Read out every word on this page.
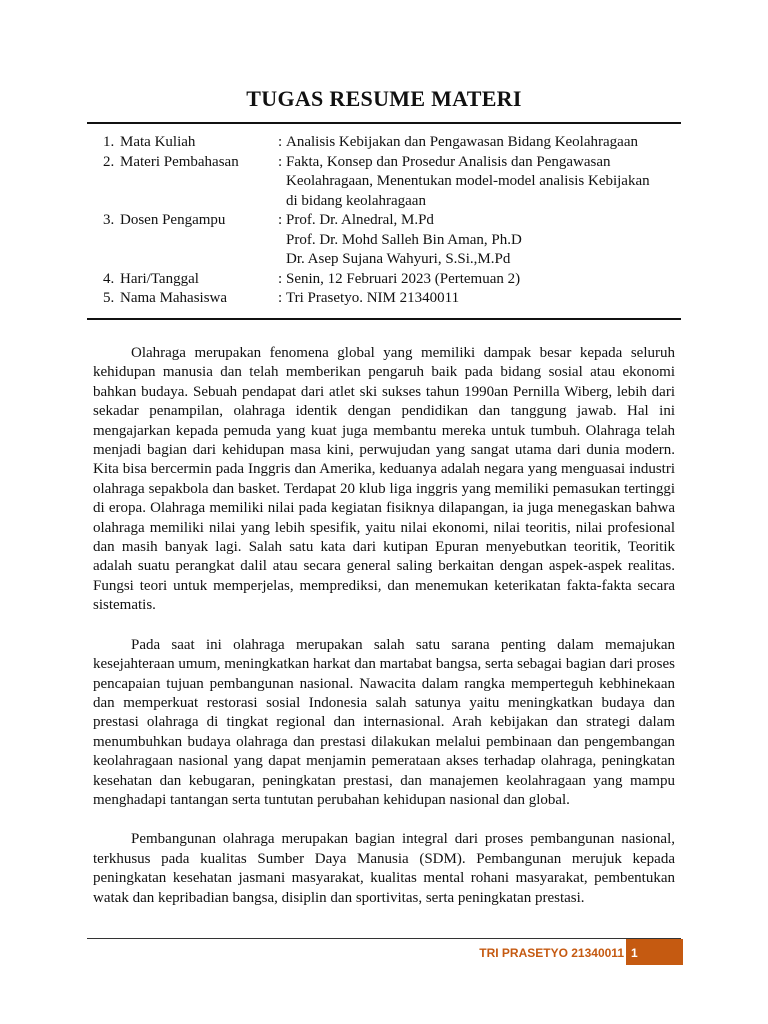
TUGAS RESUME MATERI
1. Mata Kuliah	: Analisis Kebijakan dan Pengawasan Bidang Keolahragaan
2. Materi Pembahasan	: Fakta, Konsep dan Prosedur Analisis dan Pengawasan
Keolahragaan, Menentukan model-model analisis Kebijakan
di bidang keolahragaan
3. Dosen Pengampu	: Prof. Dr. Alnedral, M.Pd
Prof. Dr. Mohd Salleh Bin Aman, Ph.D
Dr. Asep Sujana Wahyuri, S.Si.,M.Pd
4. Hari/Tanggal	: Senin, 12 Februari 2023 (Pertemuan 2)
5. Nama Mahasiswa	: Tri Prasetyo. NIM 21340011

Olahraga merupakan fenomena global yang memiliki dampak besar kepada seluruh kehidupan manusia dan telah memberikan pengaruh baik pada bidang sosial atau ekonomi bahkan budaya. Sebuah pendapat dari atlet ski sukses tahun 1990an Pernilla Wiberg, lebih dari sekadar penampilan, olahraga identik dengan pendidikan dan tanggung jawab. Hal ini mengajarkan kepada pemuda yang kuat juga membantu mereka untuk tumbuh. Olahraga telah menjadi bagian dari kehidupan masa kini, perwujudan yang sangat utama dari dunia modern. Kita bisa bercermin pada Inggris dan Amerika, keduanya adalah negara yang menguasai industri olahraga sepakbola dan basket. Terdapat 20 klub liga inggris yang memiliki pemasukan tertinggi di eropa. Olahraga memiliki nilai pada kegiatan fisiknya dilapangan, ia juga menegaskan bahwa olahraga memiliki nilai yang lebih spesifik, yaitu nilai ekonomi, nilai teoritis, nilai profesional dan masih banyak lagi. Salah satu kata dari kutipan Epuran menyebutkan teoritik, Teoritik adalah suatu perangkat dalil atau secara general saling berkaitan dengan aspek-aspek realitas. Fungsi teori untuk memperjelas, memprediksi, dan menemukan keterikatan fakta-fakta secara sistematis.

Pada saat ini olahraga merupakan salah satu sarana penting dalam memajukan kesejahteraan umum, meningkatkan harkat dan martabat bangsa, serta sebagai bagian dari proses pencapaian tujuan pembangunan nasional. Nawacita dalam rangka memperteguh kebhinekaan dan memperkuat restorasi sosial Indonesia salah satunya yaitu meningkatkan budaya dan prestasi olahraga di tingkat regional dan internasional. Arah kebijakan dan strategi dalam menumbuhkan budaya olahraga dan prestasi dilakukan melalui pembinaan dan pengembangan keolahragaan nasional yang dapat menjamin pemerataan akses terhadap olahraga, peningkatan kesehatan dan kebugaran, peningkatan prestasi, dan manajemen keolahragaan yang mampu menghadapi tantangan serta tuntutan perubahan kehidupan nasional dan global.

Pembangunan olahraga merupakan bagian integral dari proses pembangunan nasional, terkhusus pada kualitas Sumber Daya Manusia (SDM). Pembangunan merujuk kepada peningkatan kesehatan jasmani masyarakat, kualitas mental rohani masyarakat, pembentukan watak dan kepribadian bangsa, disiplin dan sportivitas, serta peningkatan prestasi.

TRI PRASETYO 21340011 1
